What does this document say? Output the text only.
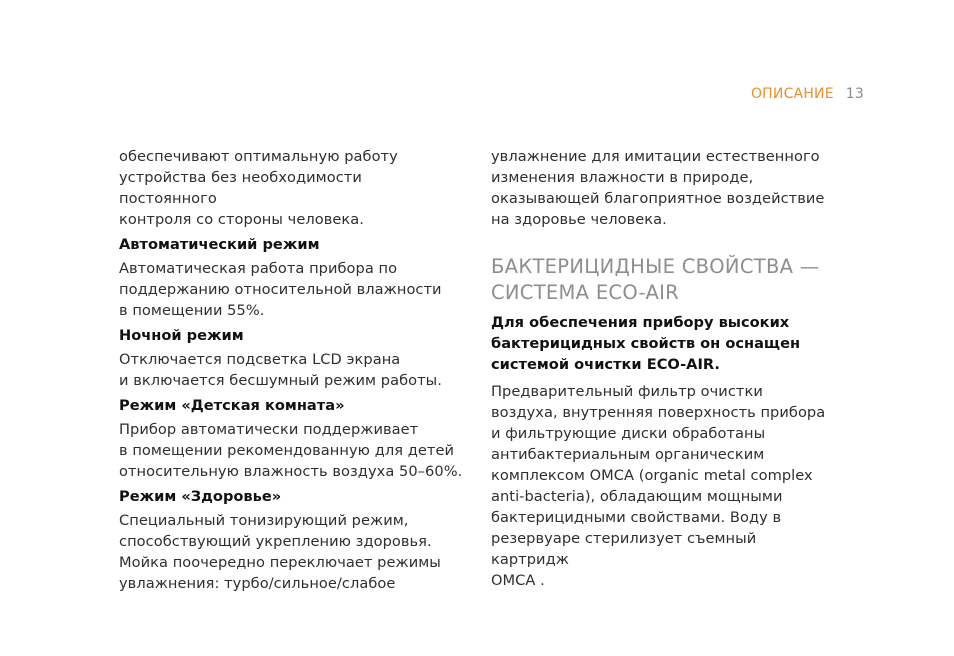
ОПИСАНИЕ 13

обеспечивают оптимальную работу
устройства без необходимости постоянного
контроля со стороны человека.

Автоматический режим

Автоматическая работа прибора по
поддержанию относительной влажности
в помещении 55%.

Ночной режим

Отключается подсветка LCD экрана
и включается бесшумный режим работы.

Режим «Детская комната»

Прибор автоматически поддерживает
в помещении рекомендованную для детей
относительную влажность воздуха 50–60%.

Режим «Здоровье»

Специальный тонизирующий режим,
способствующий укреплению здоровья.
Мойка поочередно переключает режимы
увлажнения: турбо/сильное/слабое

увлажнение для имитации естественного
изменения влажности в природе,
оказывающей благоприятное воздействие
на здоровье человека.

БАКТЕРИЦИДНЫЕ СВОЙСТВА —
СИСТЕМА ECO-AIR
Для обеспечения прибору высоких
бактерицидных свойств он оснащен
системой очистки ECO-AIR.

Предварительный фильтр очистки
воздуха, внутренняя поверхность прибора
и фильтрующие диски обработаны
антибактериальным органическим
комплексом OMCA (organic metal complex
anti-bacteria), обладающим мощными
бактерицидными свойствами. Воду в
резервуаре стерилизует съемный картридж
OMCA .
